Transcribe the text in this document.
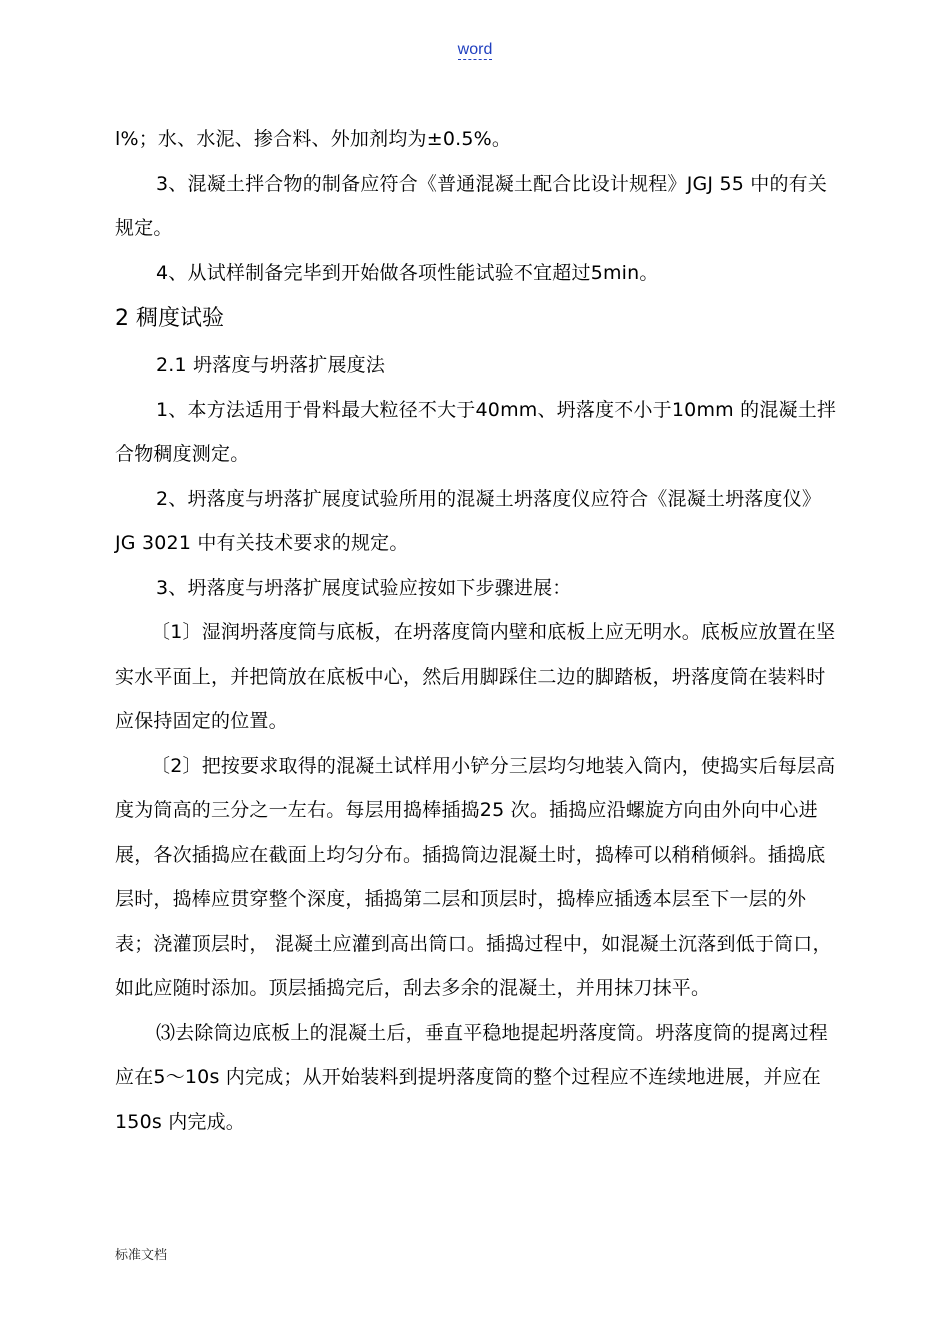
word

l%；水、水泥、掺合料、外加剂均为±0.5%。

3、混凝土拌合物的制备应符合《普通混凝土配合比设计规程》JGJ 55 中的有关规定。

4、从试样制备完毕到开始做各项性能试验不宜超过5min。

2 稠度试验

2.1 坍落度与坍落扩展度法

1、本方法适用于骨料最大粒径不大于40mm、坍落度不小于10mm 的混凝土拌合物稠度测定。

2、坍落度与坍落扩展度试验所用的混凝土坍落度仪应符合《混凝土坍落度仪》JG 3021 中有关技术要求的规定。

3、坍落度与坍落扩展度试验应按如下步骤进展：

〔1〕湿润坍落度筒与底板，在坍落度筒内壁和底板上应无明水。底板应放置在坚实水平面上，并把筒放在底板中心，然后用脚踩住二边的脚踏板，坍落度筒在装料时应保持固定的位置。

〔2〕把按要求取得的混凝土试样用小铲分三层均匀地装入筒内，使捣实后每层高度为筒高的三分之一左右。每层用捣棒插捣25 次。插捣应沿螺旋方向由外向中心进展，各次插捣应在截面上均匀分布。插捣筒边混凝土时，捣棒可以稍稍倾斜。插捣底层时，捣棒应贯穿整个深度，插捣第二层和顶层时，捣棒应插透本层至下一层的外表；浇灌顶层时， 混凝土应灌到高出筒口。插捣过程中，如混凝土沉落到低于筒口，如此应随时添加。顶层插捣完后，刮去多余的混凝土，并用抹刀抹平。

⑶去除筒边底板上的混凝土后，垂直平稳地提起坍落度筒。坍落度筒的提离过程应在5～10s 内完成；从开始装料到提坍落度筒的整个过程应不连续地进展，并应在150s 内完成。

标准文档
